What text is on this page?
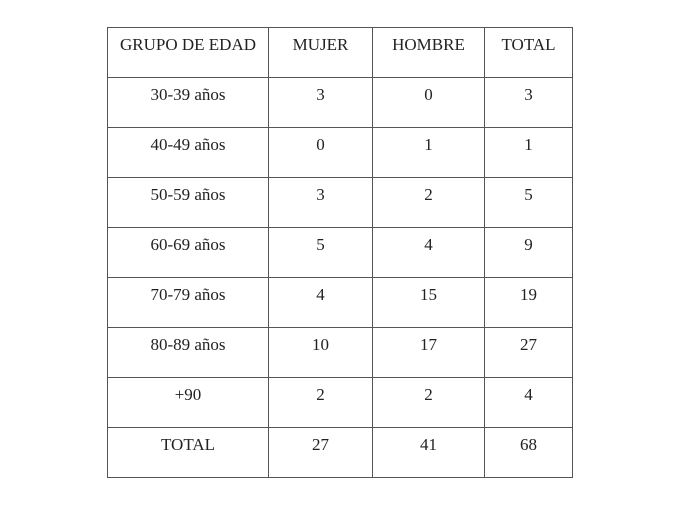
GRUPO DE EDAD	MUJER	HOMBRE	TOTAL

30-39 años	3	0	3

40-49 años	0	1	1

50-59 años	3	2	5

60-69 años	5	4	9

70-79 años	4	15	19

80-89 años	10	17	27

+90	2	2	4

TOTAL	27	41	68
